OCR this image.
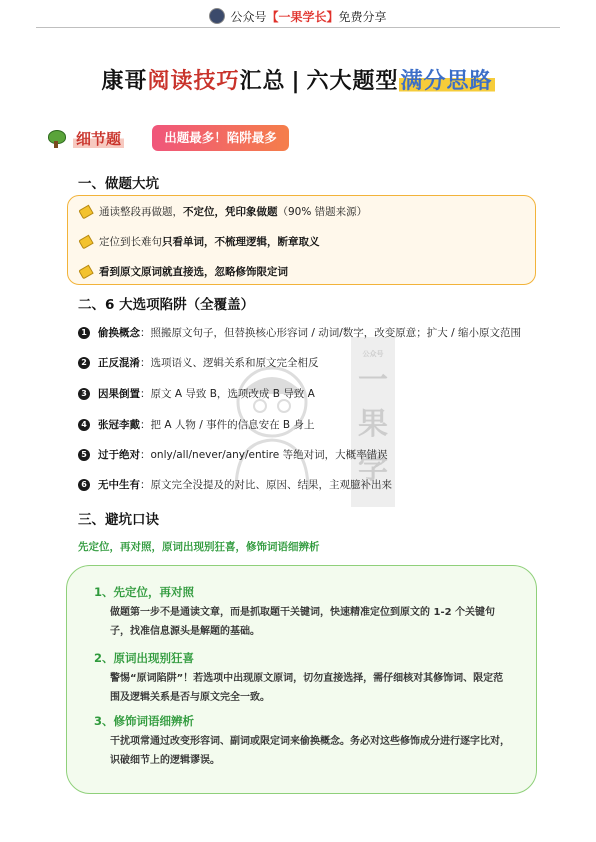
公众号【一果学长】免费分享
康哥阅读技巧汇总 | 六大题型满分思路
细节题	出题最多！陷阱最多
一、做题大坑
通读整段再做题， 不定位，凭印象做题 （90% 错题来源）
定位到长难句 只看单词，不梳理逻辑，断章取义
看到原文原词就直接选，忽略修饰限定词
二、6 大选项陷阱（全覆盖）
公众号
一
果
学
1	偷换概念 ：照搬原文句子，但替换核心形容词 / 动词/数字，改变原意；扩大 / 缩小原文范围
2	正反混淆 ：选项语义、逻辑关系和原文完全相反
3	因果倒置 ：原文 A 导致 B，选项改成 B 导致 A
4	张冠李戴 ：把 A 人物 / 事件的信息安在 B 身上
5	过于绝对 ：only/all/never/any/entire 等绝对词，大概率错误
6	无中生有 ：原文完全没提及的对比、原因、结果，主观臆补出来
三、避坑口诀
先定位，再对照，原词出现别狂喜，修饰词语细辨析
1、先定位，再对照
做题第一步不是通读文章，而是抓取题干关键词，快速精准定位到原文的 1-2 个关键句子，找准信息源头是解题的基础。
2、原词出现别狂喜
警惕“原词陷阱”！若选项中出现原文原词，切勿直接选择，需仔细核对其修饰词、限定范围及逻辑关系是否与原文完全一致。
3、修饰词语细辨析
干扰项常通过改变形容词、副词或限定词来偷换概念。务必对这些修饰成分进行逐字比对，识破细节上的逻辑谬误。
